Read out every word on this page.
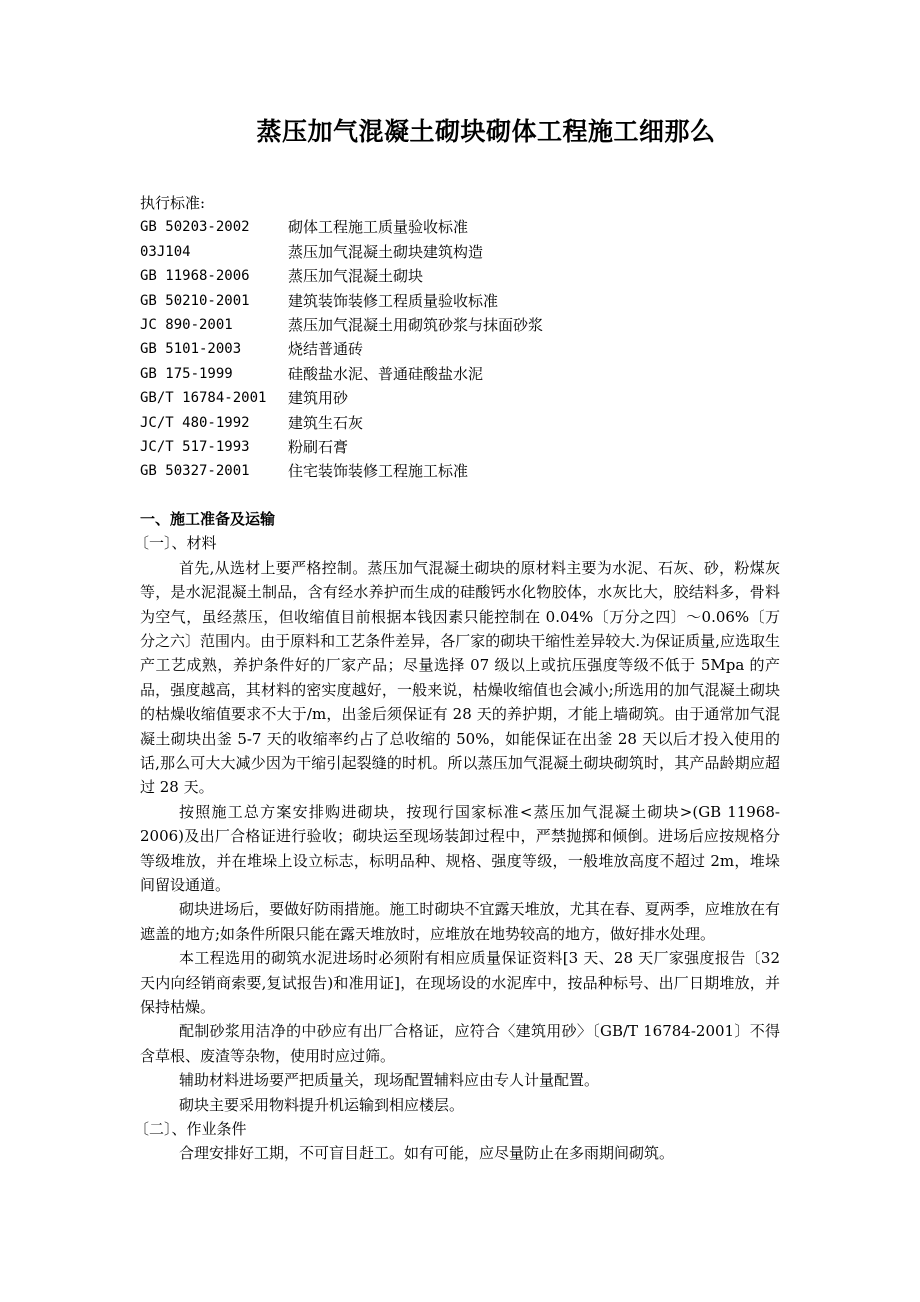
蒸压加气混凝土砌块砌体工程施工细那么
执行标准:
GB 50203-2002	砌体工程施工质量验收标准
03J104	蒸压加气混凝土砌块建筑构造
GB 11968-2006	蒸压加气混凝土砌块
GB 50210-2001	建筑装饰装修工程质量验收标准
JC 890-2001	蒸压加气混凝土用砌筑砂浆与抹面砂浆
GB 5101-2003	烧结普通砖
GB 175-1999	硅酸盐水泥、普通硅酸盐水泥
GB/T 16784-2001	建筑用砂
JC/T 480-1992	建筑生石灰
JC/T 517-1993	粉刷石膏
GB 50327-2001	住宅装饰装修工程施工标准
一、施工准备及运输
〔一〕、材料

首先,从选材上要严格控制。蒸压加气混凝土砌块的原材料主要为水泥、石灰、砂，粉煤灰等，是水泥混凝土制品，含有经水养护而生成的硅酸钙水化物胶体，水灰比大，胶结料多，骨料为空气，虽经蒸压，但收缩值目前根据本钱因素只能控制在 0.04%〔万分之四〕～0.06%〔万分之六〕范围内。由于原料和工艺条件差异，各厂家的砌块干缩性差异较大.为保证质量,应选取生产工艺成熟，养护条件好的厂家产品；尽量选择 07 级以上或抗压强度等级不低于 5Mpa 的产品，强度越高，其材料的密实度越好，一般来说，枯燥收缩值也会减小;所选用的加气混凝土砌块的枯燥收缩值要求不大于/m，出釜后须保证有 28 天的养护期，才能上墙砌筑。由于通常加气混凝土砌块出釜 5-7 天的收缩率约占了总收缩的 50%，如能保证在出釜 28 天以后才投入使用的话,那么可大大减少因为干缩引起裂缝的时机。所以蒸压加气混凝土砌块砌筑时，其产品龄期应超过 28 天。

按照施工总方案安排购进砌块，按现行国家标准<蒸压加气混凝土砌块>(GB 11968-2006)及出厂合格证进行验收；砌块运至现场装卸过程中，严禁抛掷和倾倒。进场后应按规格分等级堆放，并在堆垛上设立标志，标明品种、规格、强度等级，一般堆放高度不超过 2m，堆垛间留设通道。

砌块进场后，要做好防雨措施。施工时砌块不宜露天堆放，尤其在春、夏两季，应堆放在有遮盖的地方;如条件所限只能在露天堆放时，应堆放在地势较高的地方，做好排水处理。

本工程选用的砌筑水泥进场时必须附有相应质量保证资料[3 天、28 天厂家强度报告〔32 天内向经销商索要,复试报告)和准用证]，在现场设的水泥库中，按品种标号、出厂日期堆放，并保持枯燥。

配制砂浆用洁净的中砂应有出厂合格证，应符合〈建筑用砂〉〔GB/T 16784-2001〕不得含草根、废渣等杂物，使用时应过筛。

辅助材料进场要严把质量关，现场配置辅料应由专人计量配置。

砌块主要采用物料提升机运输到相应楼层。

〔二〕、作业条件

合理安排好工期，不可盲目赶工。如有可能，应尽量防止在多雨期间砌筑。
